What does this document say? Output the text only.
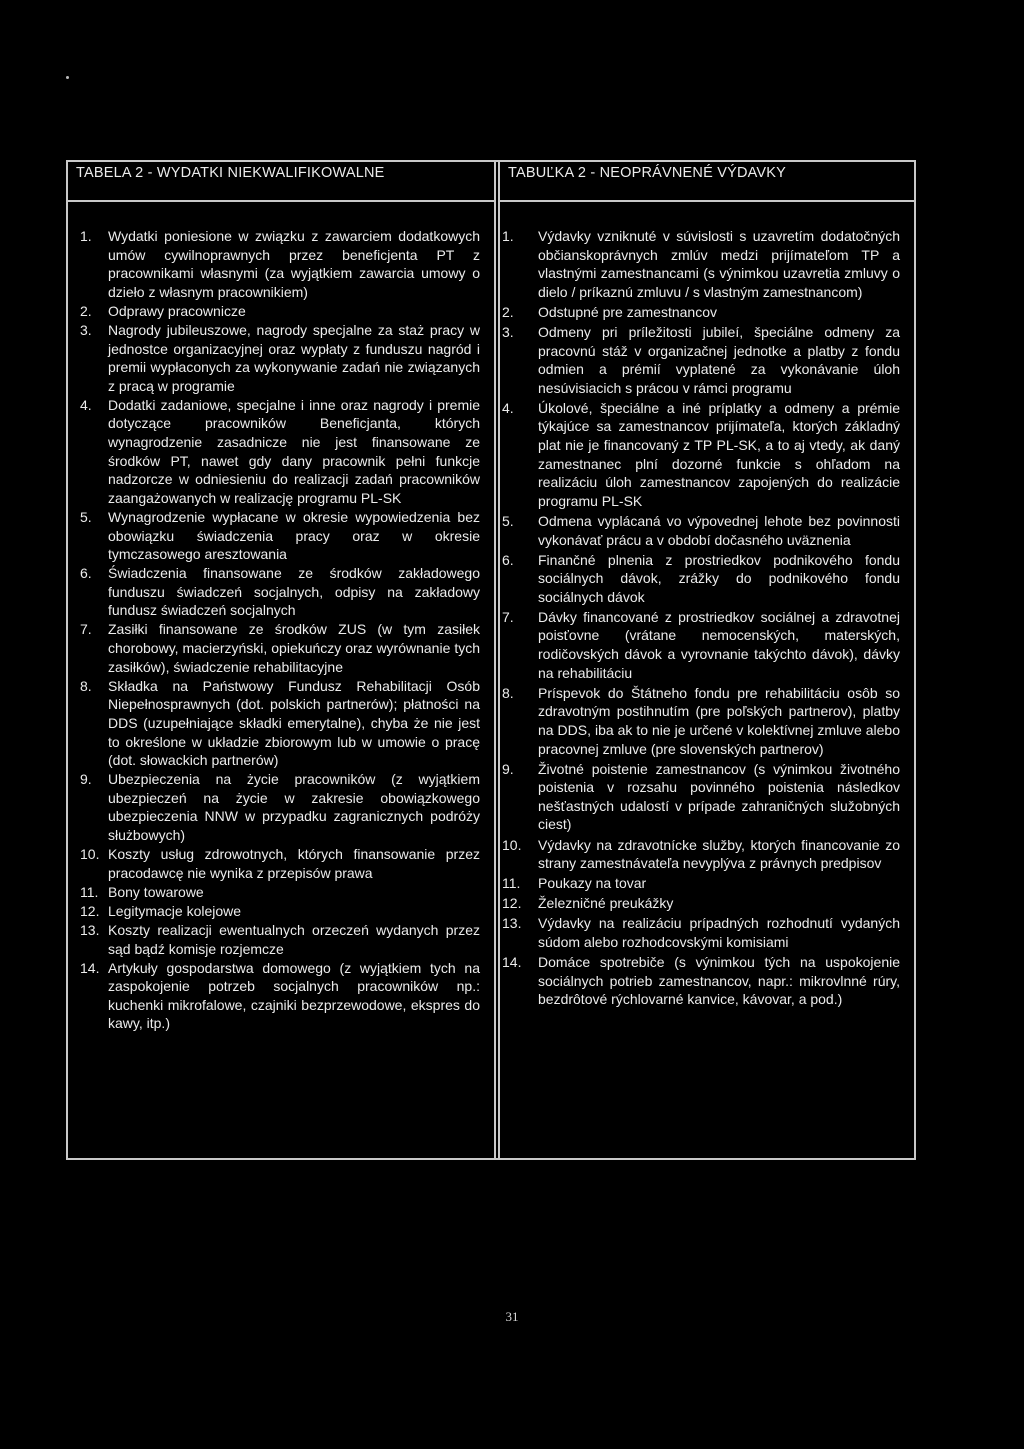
TABELA 2 - WYDATKI NIEKWALIFIKOWALNE
1. Wydatki poniesione w związku z zawarciem dodatkowych umów cywilnoprawnych przez beneficjenta PT z pracownikami własnymi (za wyjątkiem zawarcia umowy o dzieło z własnym pracownikiem)
2. Odprawy pracownicze
3. Nagrody jubileuszowe, nagrody specjalne za staż pracy w jednostce organizacyjnej oraz wypłaty z funduszu nagród i premii wypłaconych za wykonywanie zadań nie związanych z pracą w programie
4. Dodatki zadaniowe, specjalne i inne oraz nagrody i premie dotyczące pracowników Beneficjanta, których wynagrodzenie zasadnicze nie jest finansowane ze środków PT, nawet gdy dany pracownik pełni funkcje nadzorcze w odniesieniu do realizacji zadań pracowników zaangażowanych w realizację programu PL-SK
5. Wynagrodzenie wypłacane w okresie wypowiedzenia bez obowiązku świadczenia pracy oraz w okresie tymczasowego aresztowania
6. Świadczenia finansowane ze środków zakładowego funduszu świadczeń socjalnych, odpisy na zakładowy fundusz świadczeń socjalnych
7. Zasiłki finansowane ze środków ZUS (w tym zasiłek chorobowy, macierzyński, opiekuńczy oraz wyrównanie tych zasiłków), świadczenie rehabilitacyjne
8. Składka na Państwowy Fundusz Rehabilitacji Osób Niepełnosprawnych (dot. polskich partnerów); płatności na DDS (uzupełniające składki emerytalne), chyba że nie jest to określone w układzie zbiorowym lub w umowie o pracę (dot. słowackich partnerów)
9. Ubezpieczenia na życie pracowników (z wyjątkiem ubezpieczeń na życie w zakresie obowiązkowego ubezpieczenia NNW w przypadku zagranicznych podróży służbowych)
10. Koszty usług zdrowotnych, których finansowanie przez pracodawcę nie wynika z przepisów prawa
11. Bony towarowe
12. Legitymacje kolejowe
13. Koszty realizacji ewentualnych orzeczeń wydanych przez sąd bądź komisje rozjemcze
14. Artykuły gospodarstwa domowego (z wyjątkiem tych na zaspokojenie potrzeb socjalnych pracowników np.: kuchenki mikrofalowe, czajniki bezprzewodowe, ekspres do kawy, itp.)
TABUĽKA 2 - NEOPRÁVNENÉ VÝDAVKY
1. Výdavky vzniknuté v súvislosti s uzavretím dodatočných občianskoprávnych zmlúv medzi prijímateľom TP a vlastnými zamestnancami (s výnimkou uzavretia zmluvy o dielo / príkaznú zmluvu / s vlastným zamestnancom)
2. Odstupné pre zamestnancov
3. Odmeny pri príležitosti jubileí, špeciálne odmeny za pracovnú stáž v organizačnej jednotke a platby z fondu odmien a prémií vyplatené za vykonávanie úloh nesúvisiacich s prácou v rámci programu
4. Úkolové, špeciálne a iné príplatky a odmeny a prémie týkajúce sa zamestnancov prijímateľa, ktorých základný plat nie je financovaný z TP PL-SK, a to aj vtedy, ak daný zamestnanec plní dozorné funkcie s ohľadom na realizáciu úloh zamestnancov zapojených do realizácie programu PL-SK
5. Odmena vyplácaná vo výpovednej lehote bez povinnosti vykonávať prácu a v období dočasného uväznenia
6. Finančné plnenia z prostriedkov podnikového fondu sociálnych dávok, zrážky do podnikového fondu sociálnych dávok
7. Dávky financované z prostriedkov sociálnej a zdravotnej poisťovne (vrátane nemocenských, materských, rodičovských dávok a vyrovnanie takýchto dávok), dávky na rehabilitáciu
8. Príspevok do Štátneho fondu pre rehabilitáciu osôb so zdravotným postihnutím (pre poľských partnerov), platby na DDS, iba ak to nie je určené v kolektívnej zmluve alebo pracovnej zmluve (pre slovenských partnerov)
9. Životné poistenie zamestnancov (s výnimkou životného poistenia v rozsahu povinného poistenia následkov nešťastných udalostí v prípade zahraničných služobných ciest)
10. Výdavky na zdravotnícke služby, ktorých financovanie zo strany zamestnávateľa nevyplýva z právnych predpisov
11. Poukazy na tovar
12. Železničné preukážky
13. Výdavky na realizáciu prípadných rozhodnutí vydaných súdom alebo rozhodcovskými komisiami
14. Domáce spotrebiče (s výnimkou tých na uspokojenie sociálnych potrieb zamestnancov, napr.: mikrovlnné rúry, bezdrôtové rýchlovarné kanvice, kávovar, a pod.)
31
